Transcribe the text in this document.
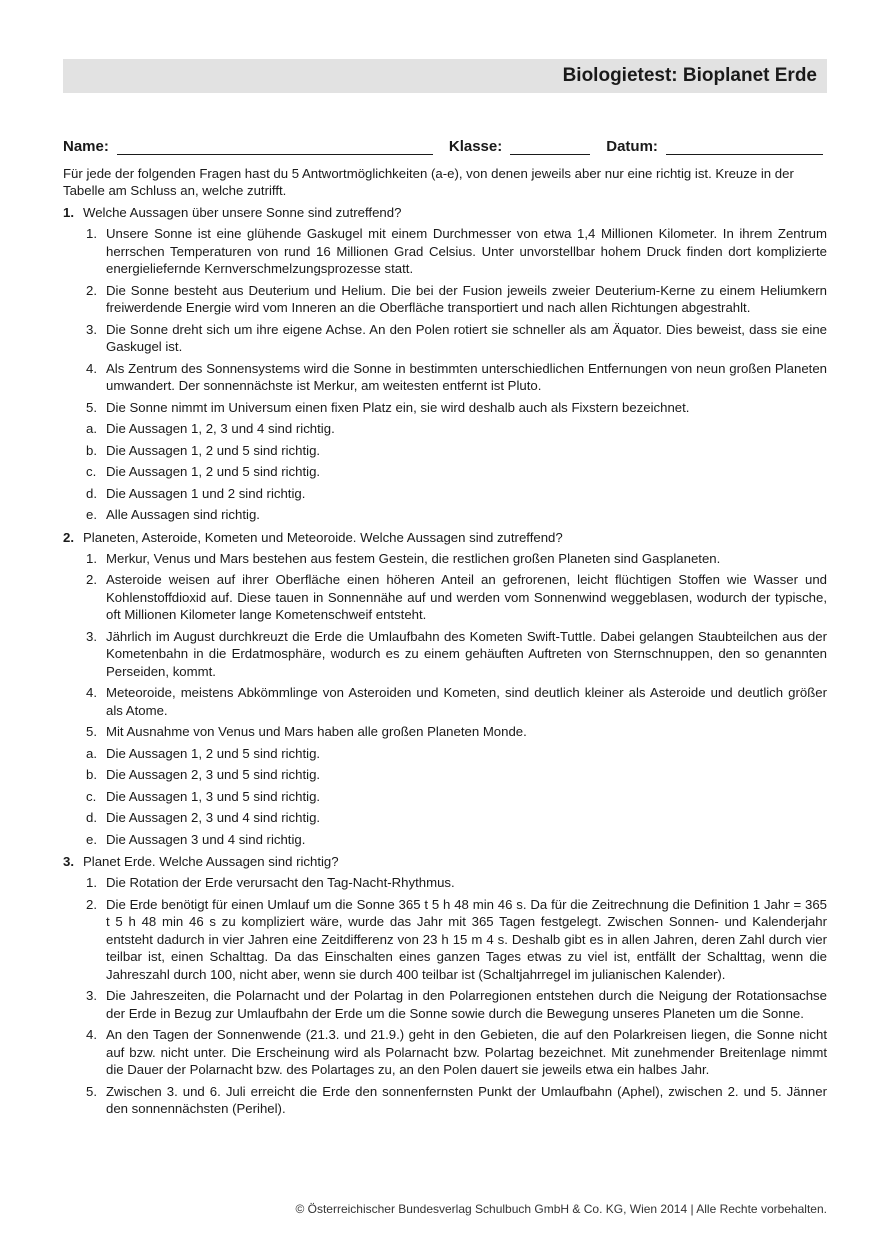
Biologietest: Bioplanet Erde
Name:	Klasse:	Datum:
Für jede der folgenden Fragen hast du 5 Antwortmöglichkeiten (a-e), von denen jeweils aber nur eine richtig ist. Kreuze in der Tabelle am Schluss an, welche zutrifft.
1. Welche Aussagen über unsere Sonne sind zutreffend?
1. Unsere Sonne ist eine glühende Gaskugel mit einem Durchmesser von etwa 1,4 Millionen Kilometer. In ihrem Zentrum herrschen Temperaturen von rund 16 Millionen Grad Celsius. Unter unvorstellbar hohem Druck finden dort komplizierte energieliefernde Kernverschmelzungsprozesse statt.
2. Die Sonne besteht aus Deuterium und Helium. Die bei der Fusion jeweils zweier Deuterium-Kerne zu einem Heliumkern freiwerdende Energie wird vom Inneren an die Oberfläche transportiert und nach allen Richtungen abgestrahlt.
3. Die Sonne dreht sich um ihre eigene Achse. An den Polen rotiert sie schneller als am Äquator. Dies beweist, dass sie eine Gaskugel ist.
4. Als Zentrum des Sonnensystems wird die Sonne in bestimmten unterschiedlichen Entfernungen von neun großen Planeten umwandert. Der sonnennächste ist Merkur, am weitesten entfernt ist Pluto.
5. Die Sonne nimmt im Universum einen fixen Platz ein, sie wird deshalb auch als Fixstern bezeichnet.
a. Die Aussagen 1, 2, 3 und 4 sind richtig.
b. Die Aussagen 1, 2 und 5 sind richtig.
c. Die Aussagen 1, 2 und 5 sind richtig.
d. Die Aussagen 1 und 2 sind richtig.
e. Alle Aussagen sind richtig.
2. Planeten, Asteroide, Kometen und Meteoroide. Welche Aussagen sind zutreffend?
1. Merkur, Venus und Mars bestehen aus festem Gestein, die restlichen großen Planeten sind Gasplaneten.
2. Asteroide weisen auf ihrer Oberfläche einen höheren Anteil an gefrorenen, leicht flüchtigen Stoffen wie Wasser und Kohlenstoffdioxid auf. Diese tauen in Sonnennähe auf und werden vom Sonnenwind weggeblasen, wodurch der typische, oft Millionen Kilometer lange Kometenschweif entsteht.
3. Jährlich im August durchkreuzt die Erde die Umlaufbahn des Kometen Swift-Tuttle. Dabei gelangen Staubteilchen aus der Kometenbahn in die Erdatmosphäre, wodurch es zu einem gehäuften Auftreten von Sternschnuppen, den so genannten Perseiden, kommt.
4. Meteoroide, meistens Abkömmlinge von Asteroiden und Kometen, sind deutlich kleiner als Asteroide und deutlich größer als Atome.
5. Mit Ausnahme von Venus und Mars haben alle großen Planeten Monde.
a. Die Aussagen 1, 2 und 5 sind richtig.
b. Die Aussagen 2, 3 und 5 sind richtig.
c. Die Aussagen 1, 3 und 5 sind richtig.
d. Die Aussagen 2, 3 und 4 sind richtig.
e. Die Aussagen 3 und 4 sind richtig.
3. Planet Erde. Welche Aussagen sind richtig?
1. Die Rotation der Erde verursacht den Tag-Nacht-Rhythmus.
2. Die Erde benötigt für einen Umlauf um die Sonne 365 t 5 h 48 min 46 s. Da für die Zeitrechnung die Definition 1 Jahr = 365 t 5 h 48 min 46 s zu kompliziert wäre, wurde das Jahr mit 365 Tagen festgelegt. Zwischen Sonnen- und Kalenderjahr entsteht dadurch in vier Jahren eine Zeitdifferenz von 23 h 15 m 4 s. Deshalb gibt es in allen Jahren, deren Zahl durch vier teilbar ist, einen Schalttag. Da das Einschalten eines ganzen Tages etwas zu viel ist, entfällt der Schalttag, wenn die Jahreszahl durch 100, nicht aber, wenn sie durch 400 teilbar ist (Schaltjahrregel im julianischen Kalender).
3. Die Jahreszeiten, die Polarnacht und der Polartag in den Polarregionen entstehen durch die Neigung der Rotationsachse der Erde in Bezug zur Umlaufbahn der Erde um die Sonne sowie durch die Bewegung unseres Planeten um die Sonne.
4. An den Tagen der Sonnenwende (21.3. und 21.9.) geht in den Gebieten, die auf den Polarkreisen liegen, die Sonne nicht auf bzw. nicht unter. Die Erscheinung wird als Polarnacht bzw. Polartag bezeichnet. Mit zunehmender Breitenlage nimmt die Dauer der Polarnacht bzw. des Polartages zu, an den Polen dauert sie jeweils etwa ein halbes Jahr.
5. Zwischen 3. und 6. Juli erreicht die Erde den sonnenfernsten Punkt der Umlaufbahn (Aphel), zwischen 2. und 5. Jänner den sonnennächsten (Perihel).
© Österreichischer Bundesverlag Schulbuch GmbH & Co. KG, Wien 2014 | Alle Rechte vorbehalten.
